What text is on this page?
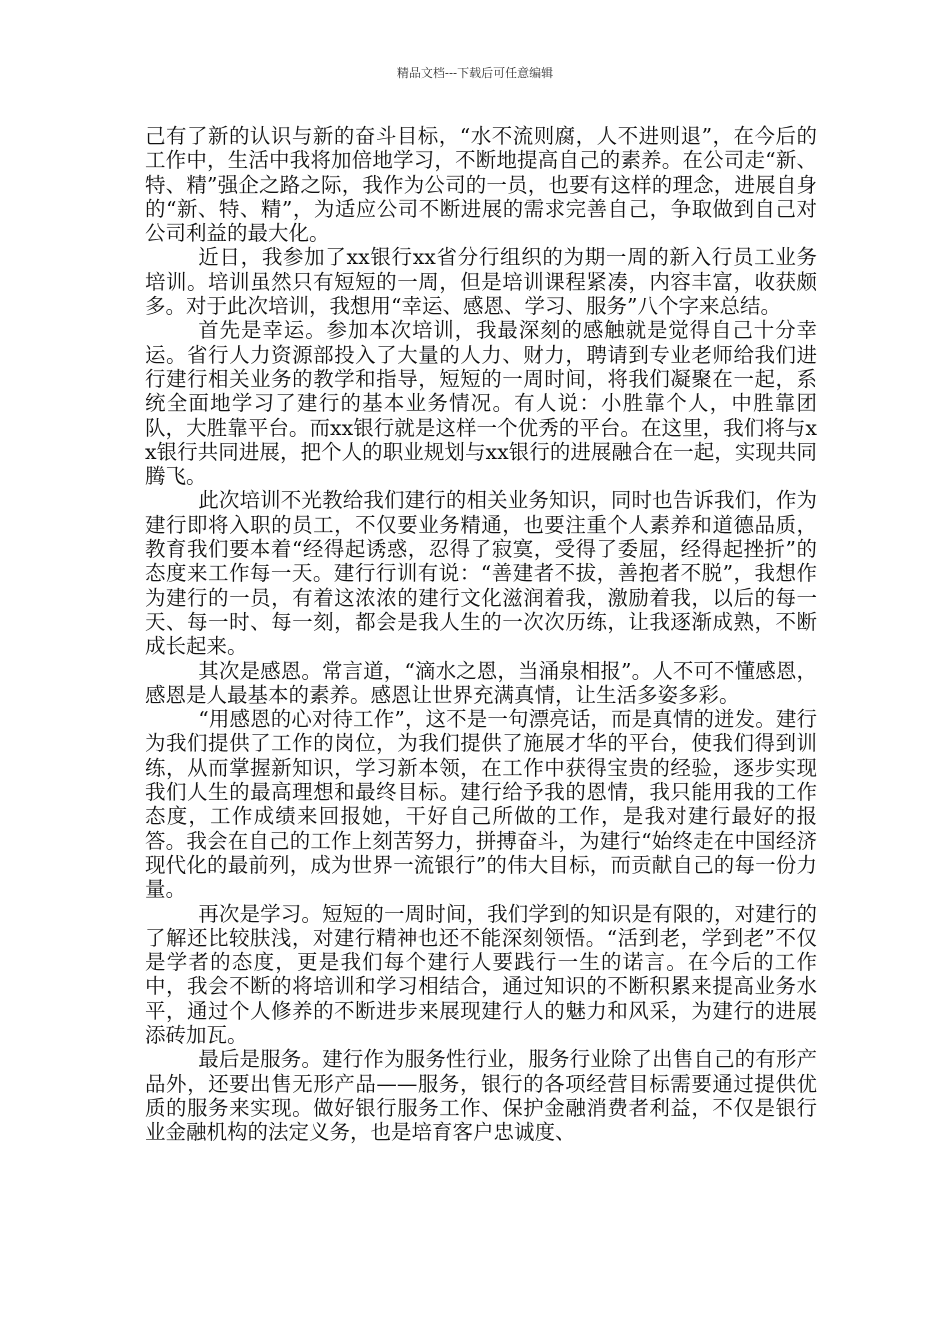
精品文档---下载后可任意编辑

己有了新的认识与新的奋斗目标，“水不流则腐，人不进则退”，在今后的工作中，生活中我将加倍地学习，不断地提高自己的素养。在公司走“新、特、精”强企之路之际，我作为公司的一员，也要有这样的理念，进展自身的“新、特、精”，为适应公司不断进展的需求完善自己，争取做到自己对公司利益的最大化。

近日，我参加了xx银行xx省分行组织的为期一周的新入行员工业务培训。培训虽然只有短短的一周，但是培训课程紧凑，内容丰富，收获颇多。对于此次培训，我想用“幸运、感恩、学习、服务”八个字来总结。

首先是幸运。参加本次培训，我最深刻的感触就是觉得自己十分幸运。省行人力资源部投入了大量的人力、财力，聘请到专业老师给我们进行建行相关业务的教学和指导，短短的一周时间，将我们凝聚在一起，系统全面地学习了建行的基本业务情况。有人说：小胜靠个人，中胜靠团队，大胜靠平台。而xx银行就是这样一个优秀的平台。在这里，我们将与xx银行共同进展，把个人的职业规划与xx银行的进展融合在一起，实现共同腾飞。

此次培训不光教给我们建行的相关业务知识，同时也告诉我们，作为建行即将入职的员工，不仅要业务精通，也要注重个人素养和道德品质，教育我们要本着“经得起诱惑，忍得了寂寞，受得了委屈，经得起挫折”的态度来工作每一天。建行行训有说：“善建者不拔，善抱者不脱”，我想作为建行的一员，有着这浓浓的建行文化滋润着我，激励着我，以后的每一天、每一时、每一刻，都会是我人生的一次次历练，让我逐渐成熟，不断成长起来。

其次是感恩。常言道，“滴水之恩，当涌泉相报”。人不可不懂感恩，感恩是人最基本的素养。感恩让世界充满真情，让生活多姿多彩。

“用感恩的心对待工作”，这不是一句漂亮话，而是真情的迸发。建行为我们提供了工作的岗位，为我们提供了施展才华的平台，使我们得到训练，从而掌握新知识，学习新本领，在工作中获得宝贵的经验，逐步实现我们人生的最高理想和最终目标。建行给予我的恩情，我只能用我的工作态度，工作成绩来回报她，干好自己所做的工作，是我对建行最好的报答。我会在自己的工作上刻苦努力，拼搏奋斗，为建行“始终走在中国经济现代化的最前列，成为世界一流银行”的伟大目标，而贡献自己的每一份力量。

再次是学习。短短的一周时间，我们学到的知识是有限的，对建行的了解还比较肤浅，对建行精神也还不能深刻领悟。“活到老，学到老”不仅是学者的态度，更是我们每个建行人要践行一生的诺言。在今后的工作中，我会不断的将培训和学习相结合，通过知识的不断积累来提高业务水平，通过个人修养的不断进步来展现建行人的魅力和风采，为建行的进展添砖加瓦。

最后是服务。建行作为服务性行业，服务行业除了出售自己的有形产品外，还要出售无形产品——服务，银行的各项经营目标需要通过提供优质的服务来实现。做好银行服务工作、保护金融消费者利益，不仅是银行业金融机构的法定义务，也是培育客户忠诚度、
